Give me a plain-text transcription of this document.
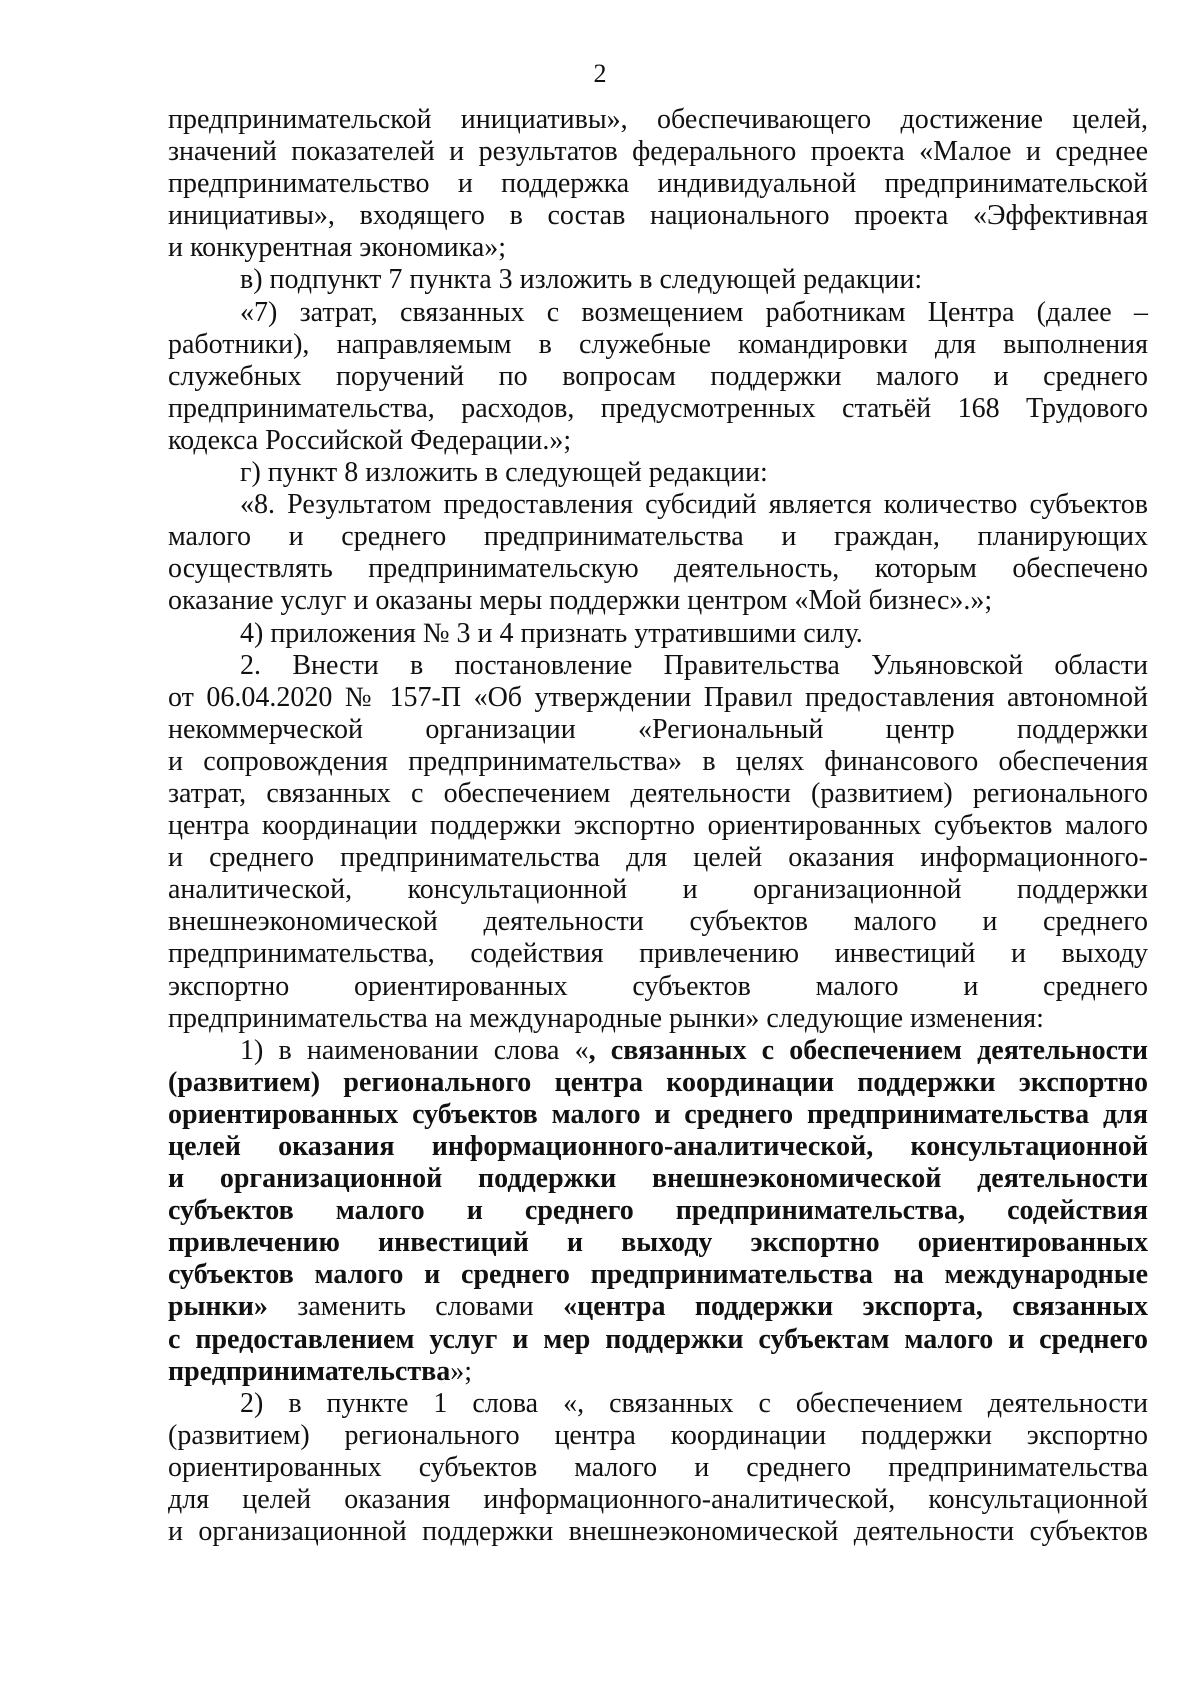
2
предпринимательской инициативы», обеспечивающего достижение целей,
значений показателей и результатов федерального проекта «Малое и среднее
предпринимательство и поддержка индивидуальной предпринимательской
инициативы», входящего в состав национального проекта «Эффективная
и конкурентная экономика»;
в) подпункт 7 пункта 3 изложить в следующей редакции:
«7) затрат, связанных с возмещением работникам Центра (далее –
работники), направляемым в служебные командировки для выполнения
служебных поручений по вопросам поддержки малого и среднего
предпринимательства, расходов, предусмотренных статьёй 168 Трудового
кодекса Российской Федерации.»;
г) пункт 8 изложить в следующей редакции:
«8. Результатом предоставления субсидий является количество субъектов
малого и среднего предпринимательства и граждан, планирующих
осуществлять предпринимательскую деятельность, которым обеспечено
оказание услуг и оказаны меры поддержки центром «Мой бизнес».»;
4) приложения № 3 и 4 признать утратившими силу.
2. Внести в постановление Правительства Ульяновской области
от 06.04.2020 № 157-П «Об утверждении Правил предоставления автономной
некоммерческой организации «Региональный центр поддержки
и сопровождения предпринимательства» в целях финансового обеспечения
затрат, связанных с обеспечением деятельности (развитием) регионального
центра координации поддержки экспортно ориентированных субъектов малого
и среднего предпринимательства для целей оказания информационного-
аналитической, консультационной и организационной поддержки
внешнеэкономической деятельности субъектов малого и среднего
предпринимательства, содействия привлечению инвестиций и выходу
экспортно ориентированных субъектов малого и среднего
предпринимательства на международные рынки» следующие изменения:
1) в наименовании слова «, связанных с обеспечением деятельности
(развитием) регионального центра координации поддержки экспортно
ориентированных субъектов малого и среднего предпринимательства для
целей оказания информационного-аналитической, консультационной
и организационной поддержки внешнеэкономической деятельности
субъектов малого и среднего предпринимательства, содействия
привлечению инвестиций и выходу экспортно ориентированных
субъектов малого и среднего предпринимательства на международные
рынки» заменить словами «центра поддержки экспорта, связанных
с предоставлением услуг и мер поддержки субъектам малого и среднего
предпринимательства»;
2) в пункте 1 слова «, связанных с обеспечением деятельности
(развитием) регионального центра координации поддержки экспортно
ориентированных субъектов малого и среднего предпринимательства
для целей оказания информационного-аналитической, консультационной
и организационной поддержки внешнеэкономической деятельности субъектов
